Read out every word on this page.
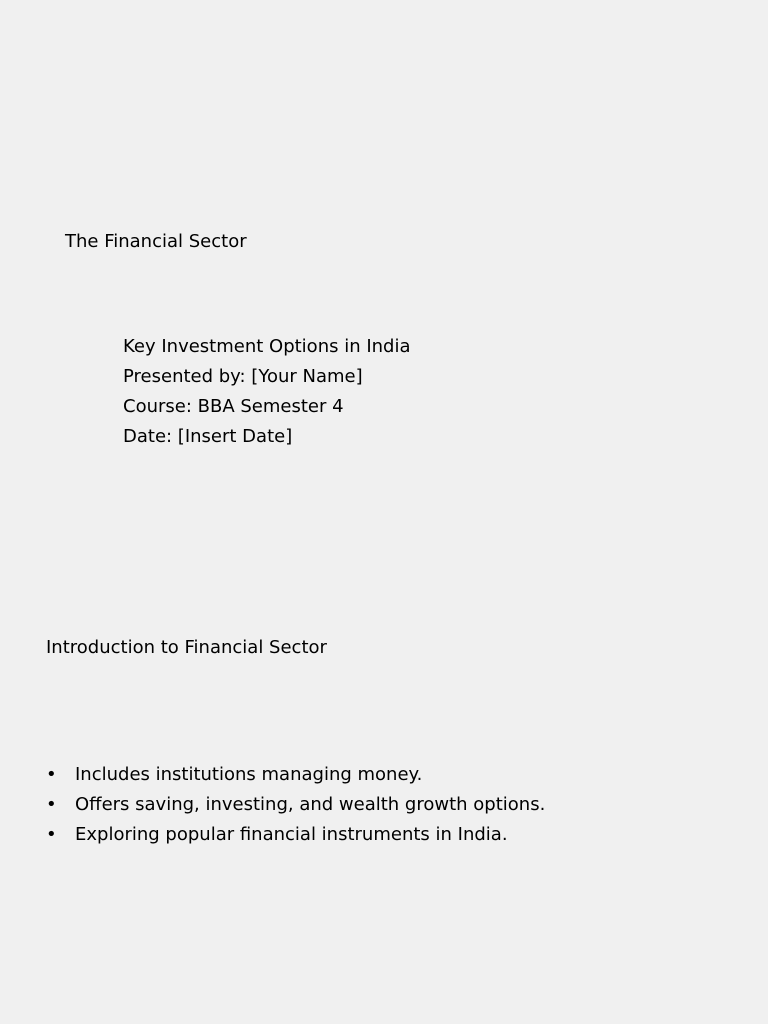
The Financial Sector
Key Investment Options in India
Presented by: [Your Name]
Course: BBA Semester 4
Date: [Insert Date]
Introduction to Financial Sector
• Includes institutions managing money.
• Offers saving, investing, and wealth growth options.
• Exploring popular financial instruments in India.
